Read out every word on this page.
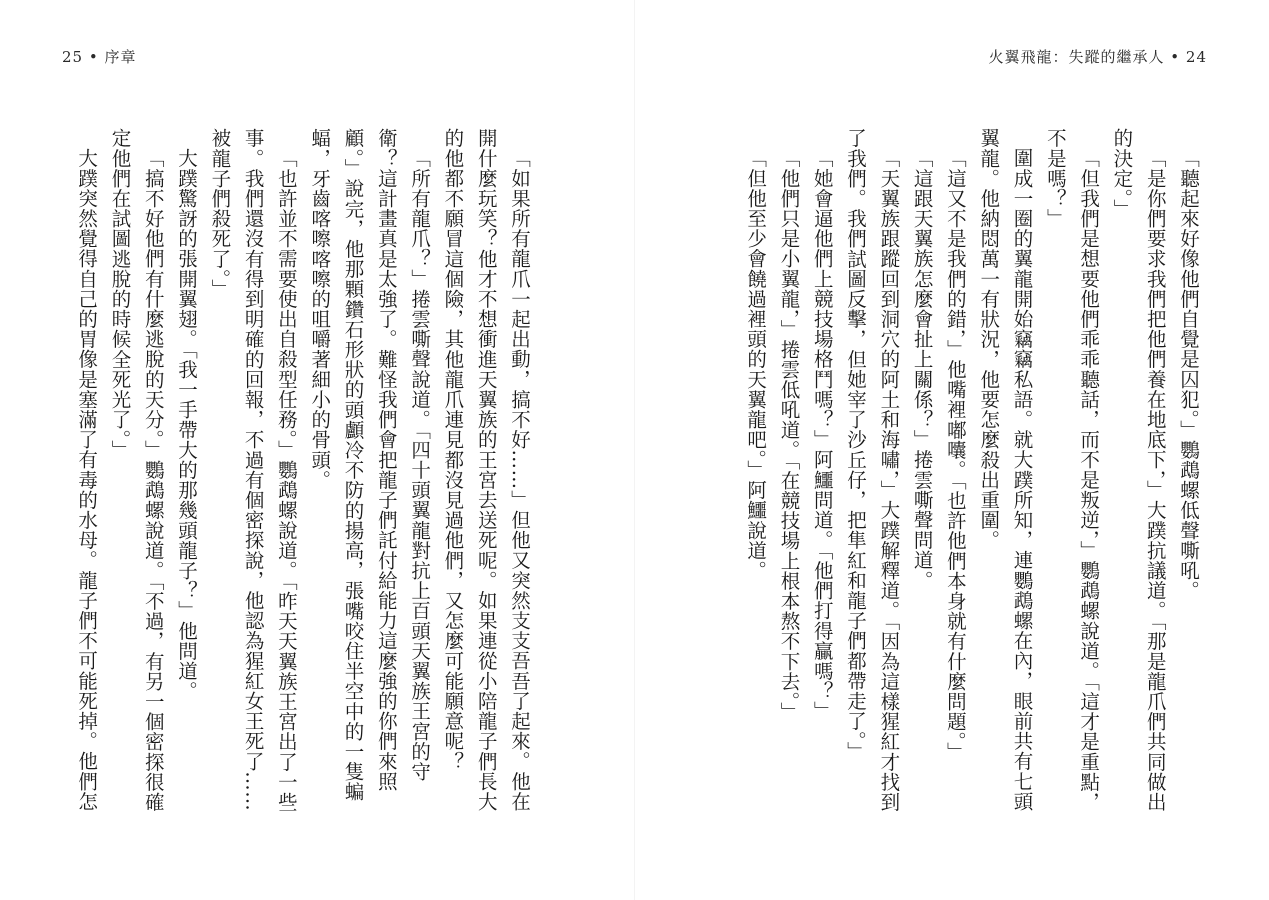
25 • 序章	火翼飛龍：失蹤的繼承人 • 24

「聽起來好像他們自覺是囚犯。」鸚鵡螺低聲嘶吼。

「是你們要求我們把他們養在地底下，」大蹼抗議道。「那是龍爪們共同做出的決定。」

「但我們是想要他們乖乖聽話，而不是叛逆，」鸚鵡螺說道。「這才是重點，不是嗎？」

圍成一圈的翼龍開始竊竊私語。就大蹼所知，連鸚鵡螺在內，眼前共有七頭翼龍。他納悶萬一有狀況，他要怎麼殺出重圍。

「這又不是我們的錯，」他嘴裡嘟囔。「也許他們本身就有什麼問題。」

「這跟天翼族怎麼會扯上關係？」捲雲嘶聲問道。

「天翼族跟蹤回到洞穴的阿土和海嘯，」大蹼解釋道。「因為這樣猩紅才找到了我們。我們試圖反擊，但她宰了沙丘仔，把隼紅和龍子們都帶走了。」

「她會逼他們上競技場格鬥嗎？」阿鱷問道。「他們打得贏嗎？」

「他們只是小翼龍，」捲雲低吼道。「在競技場上根本熬不下去。」

「但他至少會饒過裡頭的天翼龍吧。」阿鱷說道。

「如果所有龍爪一起出動，搞不好……」但他又突然支支吾吾了起來。他在開什麼玩笑？他才不想衝進天翼族的王宮去送死呢。如果連從小陪龍子們長大的他都不願冒這個險，其他龍爪連見都沒見過他們，又怎麼可能願意呢？

「所有龍爪？」捲雲嘶聲說道。「四十頭翼龍對抗上百頭天翼族王宮的守衛？這計畫真是太強了。難怪我們會把龍子們託付給能力這麼強的你們來照顧。」說完，他那顆鑽石形狀的頭顱冷不防的揚高，張嘴咬住半空中的一隻蝙蝠，牙齒喀嚓喀嚓的咀嚼著細小的骨頭。

「也許並不需要使出自殺型任務。」鸚鵡螺說道。「昨天天翼族王宮出了一些事。我們還沒有得到明確的回報，不過有個密探說，他認為猩紅女王死了……被龍子們殺死了。」

大蹼驚訝的張開翼翅。「我一手帶大的那幾頭龍子？」他問道。

「搞不好他們有什麼逃脫的天分。」鸚鵡螺說道。「不過，有另一個密探很確定他們在試圖逃脫的時候全死光了。」

大蹼突然覺得自己的胃像是塞滿了有毒的水母。龍子們不可能死掉。他們怎
